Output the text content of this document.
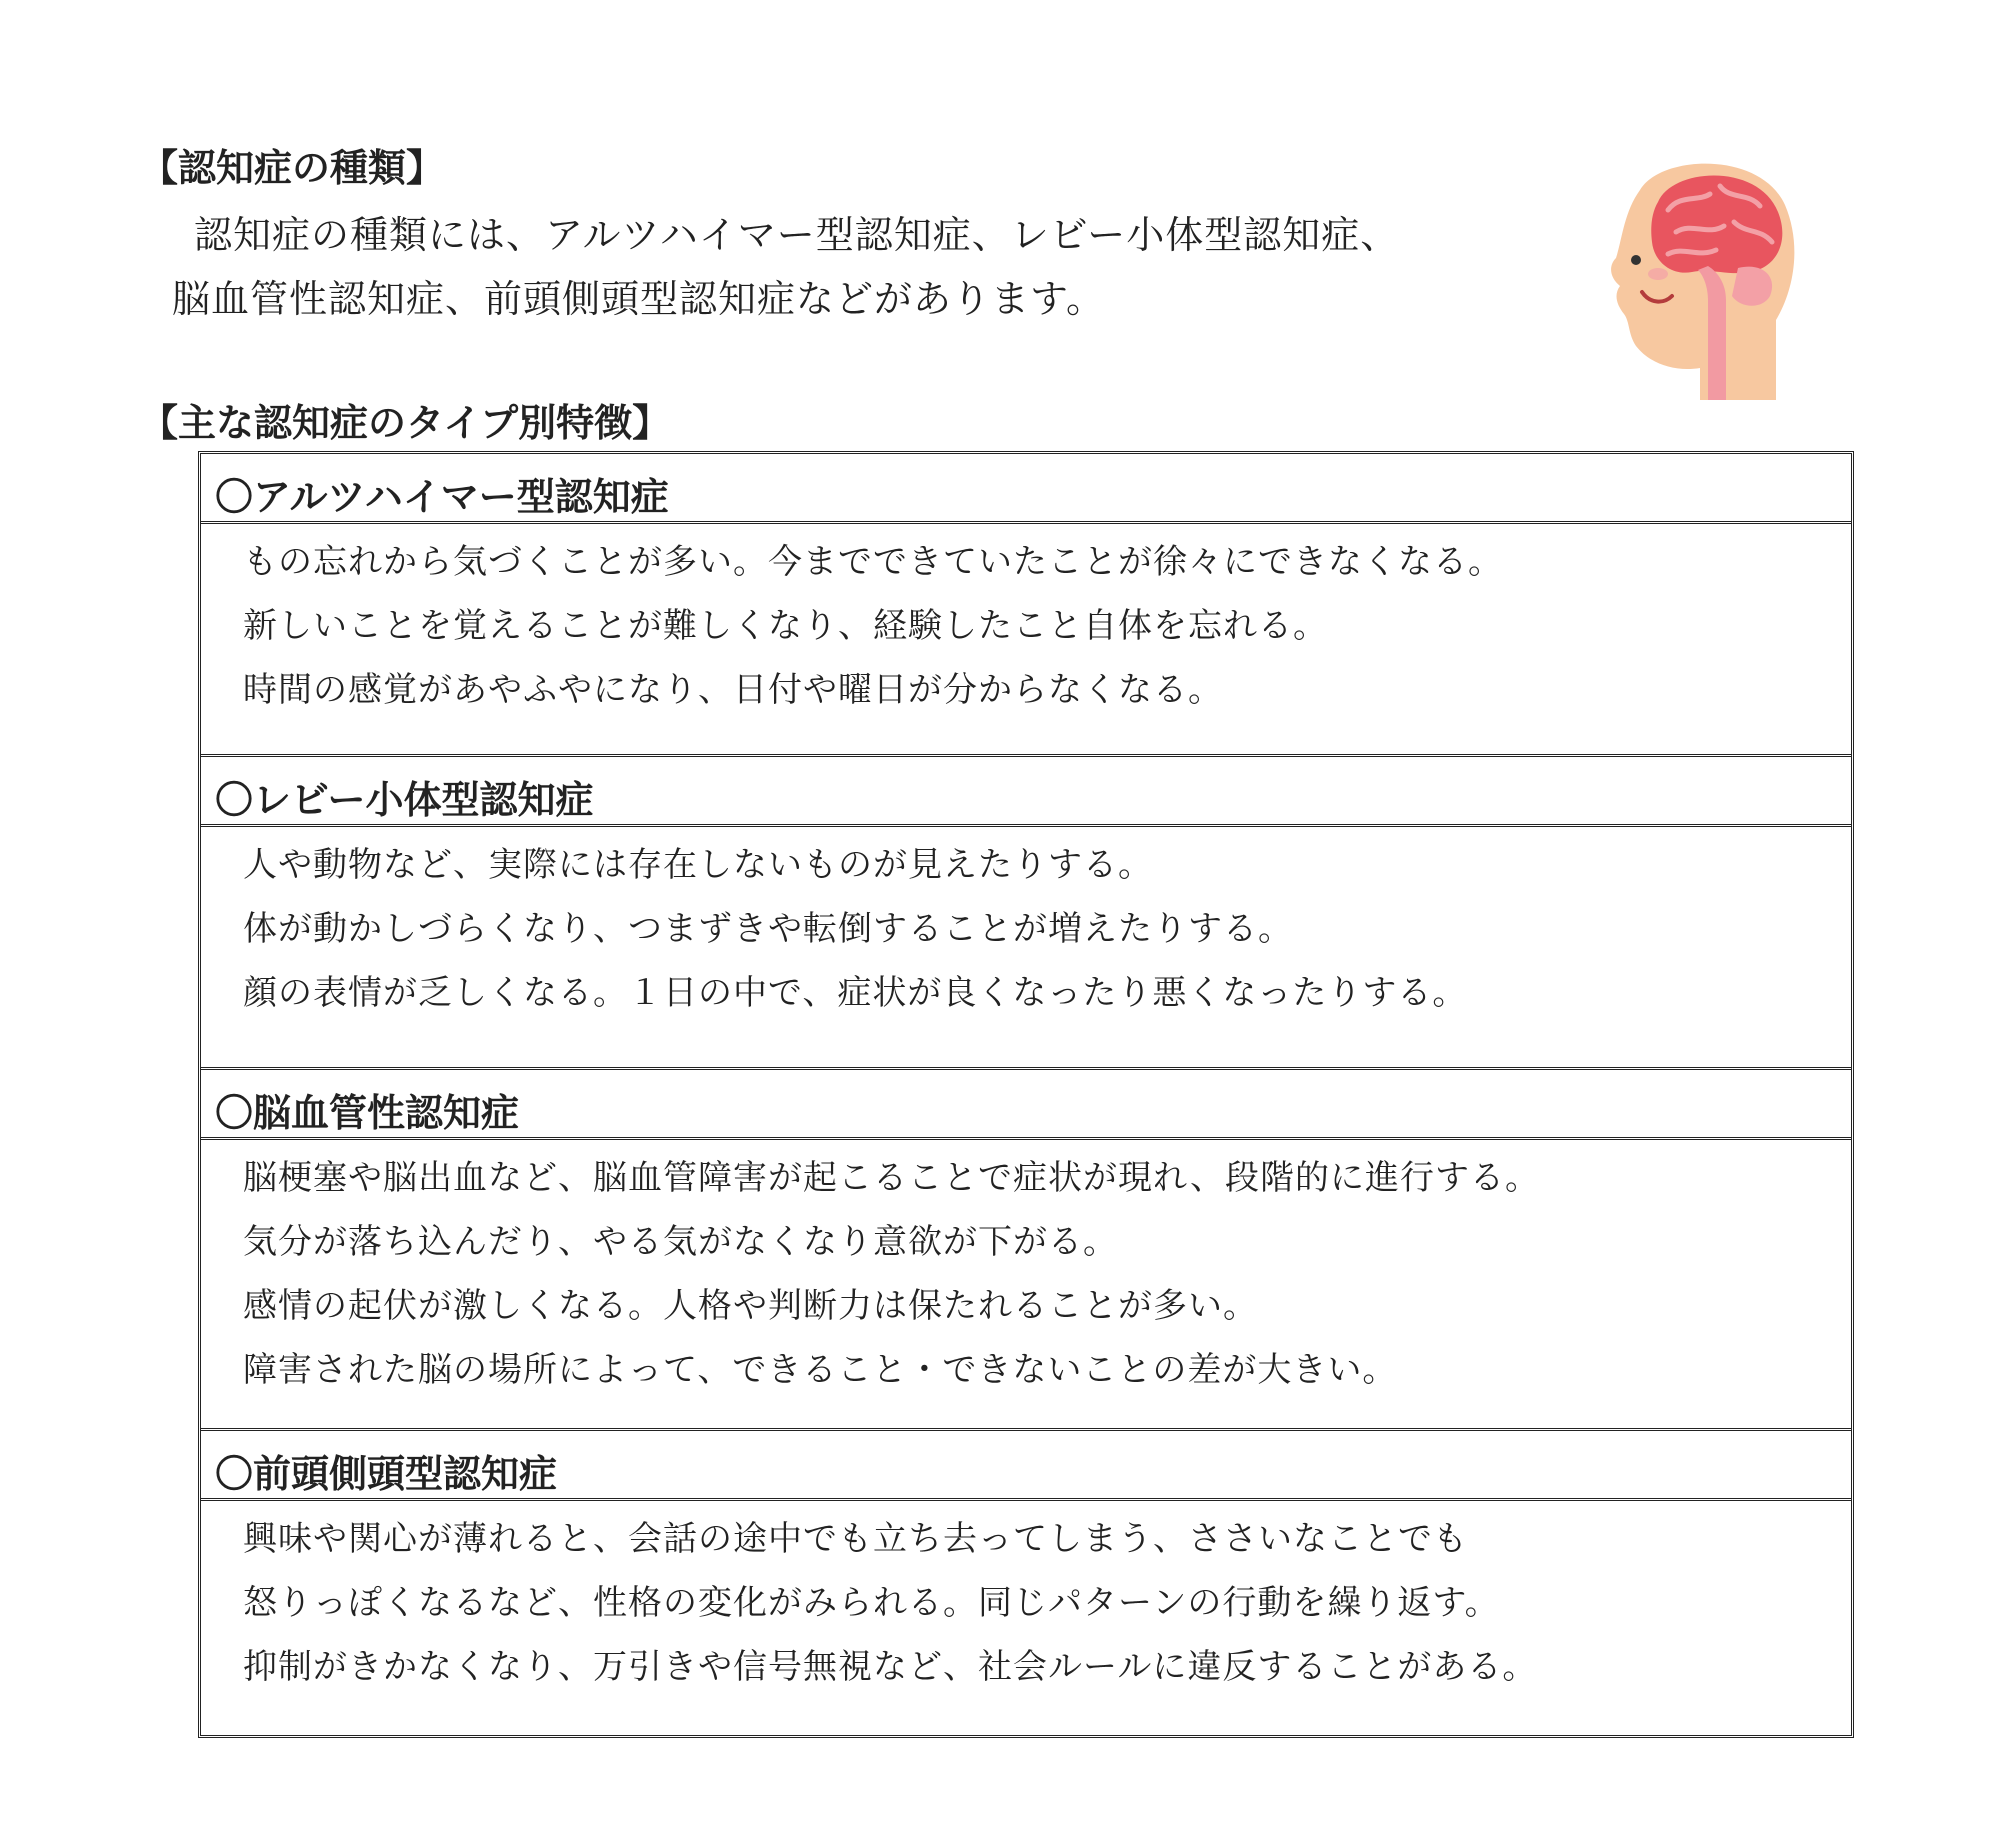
【認知症の種類】
認知症の種類には、アルツハイマー型認知症、レビー小体型認知症、
脳血管性認知症、前頭側頭型認知症などがあります。
【主な認知症のタイプ別特徴】
〇アルツハイマー型認知症
もの忘れから気づくことが多い。今までできていたことが徐々にできなくなる。
新しいことを覚えることが難しくなり、経験したこと自体を忘れる。
時間の感覚があやふやになり、日付や曜日が分からなくなる。
〇レビー小体型認知症
人や動物など、実際には存在しないものが見えたりする。
体が動かしづらくなり、つまずきや転倒することが増えたりする。
顔の表情が乏しくなる。１日の中で、症状が良くなったり悪くなったりする。
〇脳血管性認知症
脳梗塞や脳出血など、脳血管障害が起こることで症状が現れ、段階的に進行する。
気分が落ち込んだり、やる気がなくなり意欲が下がる。
感情の起伏が激しくなる。人格や判断力は保たれることが多い。
障害された脳の場所によって、できること・できないことの差が大きい。
〇前頭側頭型認知症
興味や関心が薄れると、会話の途中でも立ち去ってしまう、ささいなことでも
怒りっぽくなるなど、性格の変化がみられる。同じパターンの行動を繰り返す。
抑制がきかなくなり、万引きや信号無視など、社会ルールに違反することがある。
